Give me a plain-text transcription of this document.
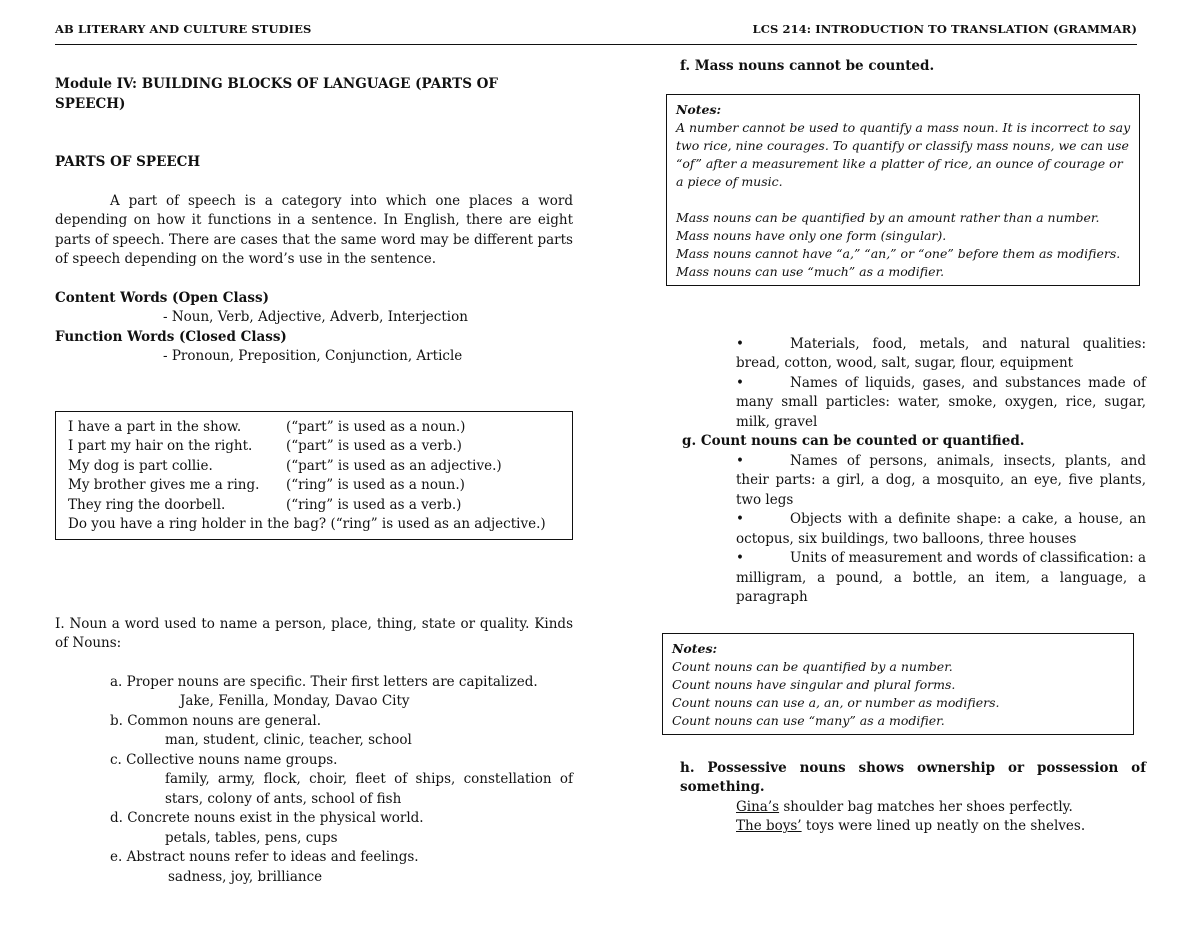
AB LITERARY AND CULTURE STUDIES	LCS 214: INTRODUCTION TO TRANSLATION (GRAMMAR)

Module IV: BUILDING BLOCKS OF LANGUAGE (PARTS OF SPEECH)

PARTS OF SPEECH

A part of speech is a category into which one places a word depending on how it functions in a sentence. In English, there are eight parts of speech. There are cases that the same word may be different parts of speech depending on the word’s use in the sentence.

Content Words (Open Class)

- Noun, Verb, Adjective, Adverb, Interjection

Function Words (Closed Class)

- Pronoun, Preposition, Conjunction, Article

I have a part in the show.	(“part” is used as a noun.)
I part my hair on the right.	(“part” is used as a verb.)
My dog is part collie.	(“part” is used as an adjective.)
My brother gives me a ring.	(“ring” is used as a noun.)
They ring the doorbell.	(“ring” is used as a verb.)
Do you have a ring holder in the bag? (“ring” is used as an adjective.)

I. Noun a word used to name a person, place, thing, state or quality. Kinds of Nouns:

a. Proper nouns are specific. Their first letters are capitalized.

Jake, Fenilla, Monday, Davao City

b. Common nouns are general.

man, student, clinic, teacher, school

c. Collective nouns name groups.

family, army, flock, choir, fleet of ships, constellation of stars, colony of ants, school of fish

d. Concrete nouns exist in the physical world.

petals, tables, pens, cups

e. Abstract nouns refer to ideas and feelings.

sadness, joy, brilliance

f. Mass nouns cannot be counted.

Notes:

A number cannot be used to quantify a mass noun. It is incorrect to say two rice, nine courages. To quantify or classify mass nouns, we can use “of” after a measurement like a platter of rice, an ounce of courage or a piece of music.

Mass nouns can be quantified by an amount rather than a number.

Mass nouns have only one form (singular).

Mass nouns cannot have “a,” “an,” or “one” before them as modifiers.

Mass nouns can use “much” as a modifier.

•	Materials, food, metals, and natural qualities: bread, cotton, wood, salt, sugar, flour, equipment
•	Names of liquids, gases, and substances made of many small particles: water, smoke, oxygen, rice, sugar, milk, gravel

g. Count nouns can be counted or quantified.

•	Names of persons, animals, insects, plants, and their parts: a girl, a dog, a mosquito, an eye, five plants, two legs
•	Objects with a definite shape: a cake, a house, an octopus, six buildings, two balloons, three houses
•	Units of measurement and words of classification: a milligram, a pound, a bottle, an item, a language, a paragraph

Notes:

Count nouns can be quantified by a number.

Count nouns have singular and plural forms.

Count nouns can use a, an, or number as modifiers.

Count nouns can use “many” as a modifier.

h. Possessive nouns shows ownership or possession of something.

Gina’s shoulder bag matches her shoes perfectly.

The boys’ toys were lined up neatly on the shelves.
